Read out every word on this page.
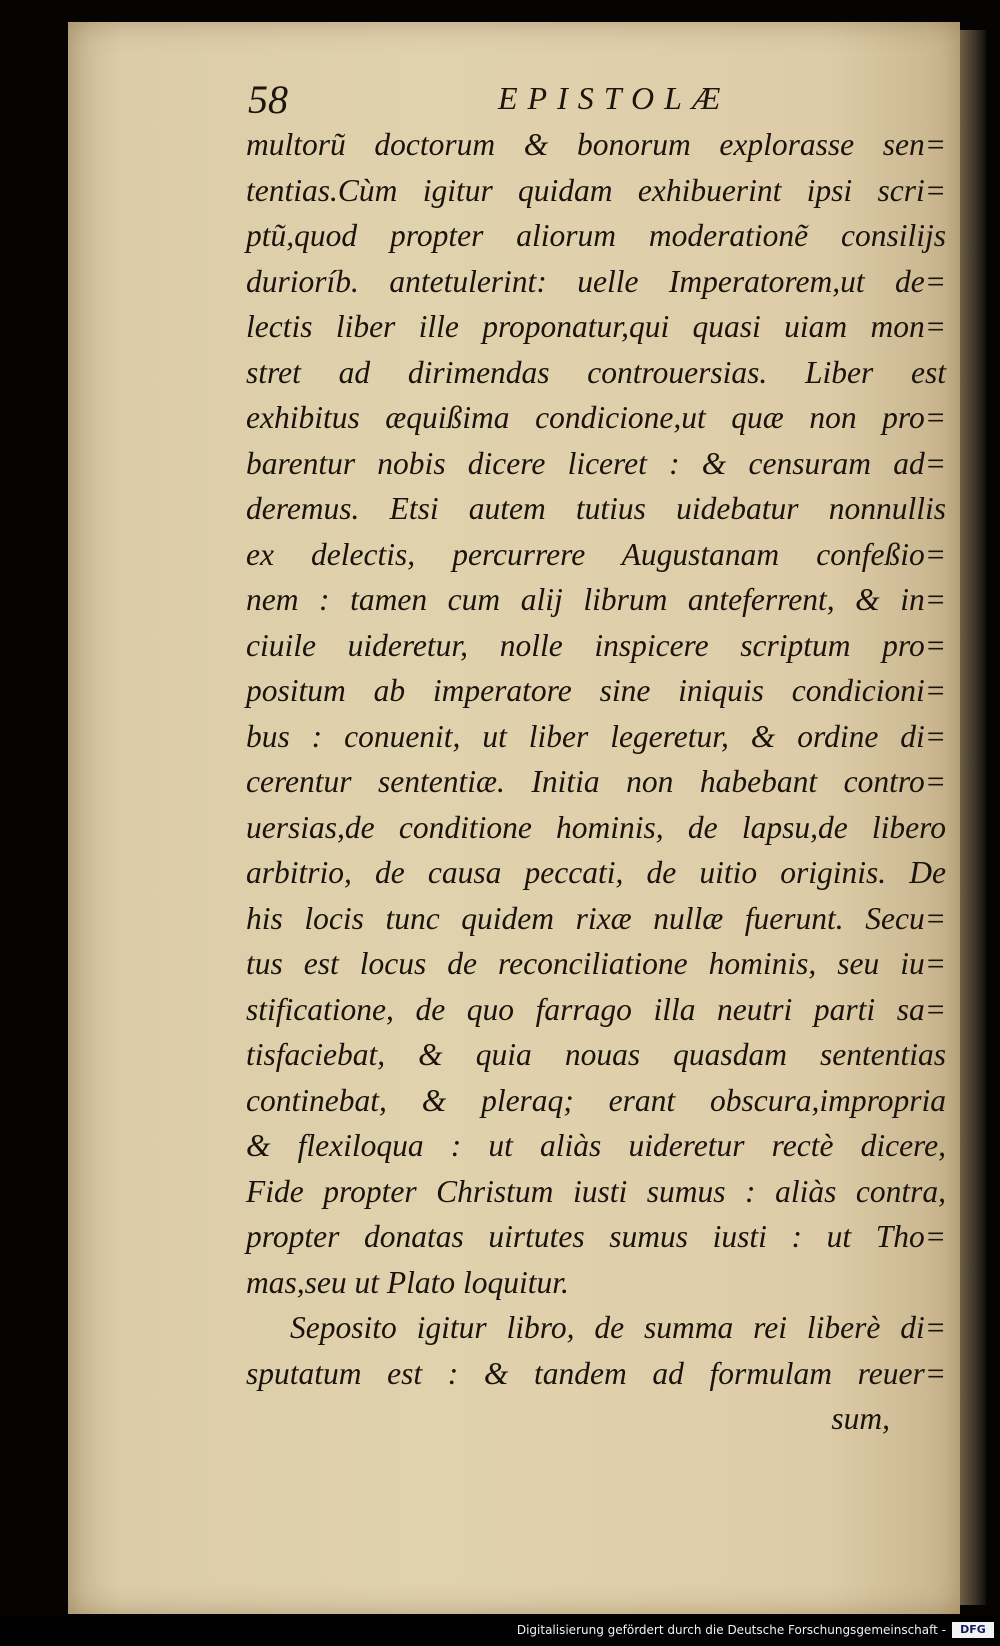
58	EPISTOLÆ
multorũ doctorum & bonorum explorasse sen=
tentias.Cùm igitur quidam exhibuerint ipsi scri=
ptũ,quod propter aliorum moderationẽ consilijs
durioríb. antetulerint: uelle Imperatorem,ut de=
lectis liber ille proponatur,qui quasi uiam mon=
stret ad dirimendas controuersias. Liber est
exhibitus æquißima condicione,ut quæ non pro=
barentur nobis dicere liceret : & censuram ad=
deremus. Etsi autem tutius uidebatur nonnullis
ex delectis, percurrere Augustanam confeßio=
nem : tamen cum alij librum anteferrent, & in=
ciuile uideretur, nolle inspicere scriptum pro=
positum ab imperatore sine iniquis condicioni=
bus : conuenit, ut liber legeretur, & ordine di=
cerentur sententiæ. Initia non habebant contro=
uersias,de conditione hominis, de lapsu,de libero
arbitrio, de causa peccati, de uitio originis. De
his locis tunc quidem rixæ nullæ fuerunt. Secu=
tus est locus de reconciliatione hominis, seu iu=
stificatione, de quo farrago illa neutri parti sa=
tisfaciebat, & quia nouas quasdam sententias
continebat, & pleraq; erant obscura,impropria
& flexiloqua : ut aliàs uideretur rectè dicere,
Fide propter Christum iusti sumus : aliàs contra,
propter donatas uirtutes sumus iusti : ut Tho=
mas,seu ut Plato loquitur.
Seposito igitur libro, de summa rei liberè di=
sputatum est : & tandem ad formulam reuer=
sum,
Digitalisierung gefördert durch die Deutsche Forschungsgemeinschaft -	DFG
